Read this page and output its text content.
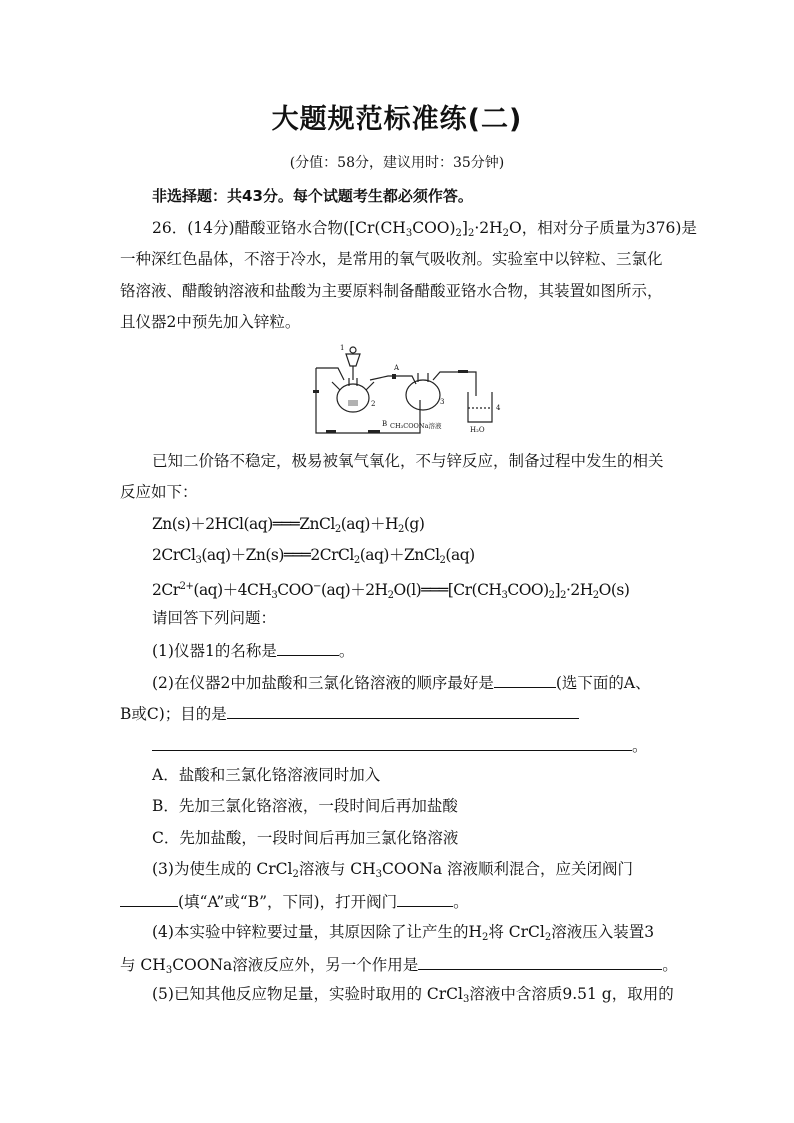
大题规范标准练(二)
(分值：58分，建议用时：35分钟)
非选择题：共43分。每个试题考生都必须作答。
26．(14分)醋酸亚铬水合物($[Cr(CH_3COO)_2]_2\cdot 2H_2O$，相对分子质量为376)是
一种深红色晶体，不溶于冷水，是常用的氧气吸收剂。实验室中以锌粒、三氯化
铬溶液、醋酸钠溶液和盐酸为主要原料制备醋酸亚铬水合物，其装置如图所示，
且仪器2中预先加入锌粒。
1
2
A
3
4
B CH₃COONa溶液	H₂O
已知二价铬不稳定，极易被氧气氧化，不与锌反应，制备过程中发生的相关
反应如下：
$Zn(s)+2HCl(aq)═══ZnCl_2(aq)+H_2(g)$
2CrCl$_3$(aq)＋Zn(s)═══2CrCl$_2$(aq)＋ZnCl$_2$(aq)
$2Cr^{2+}(aq)+4CH_3COO^-(aq)+2H_2O(l)═══[Cr(CH_3COO)_2]_2\cdot 2H_2O(s)$
请回答下列问题：
(1)仪器1的名称是	。
(2)在仪器2中加盐酸和三氯化铬溶液的顺序最好是	(选下面的A、
B或C)；目的是
。
A．盐酸和三氯化铬溶液同时加入
B．先加三氯化铬溶液，一段时间后再加盐酸
C．先加盐酸，一段时间后再加三氯化铬溶液
(3)为使生成的 CrCl$_2$溶液与 $CH_3COONa$ 溶液顺利混合，应关闭阀门
(填“A”或“B”，下同)，打开阀门	。
(4)本实验中锌粒要过量，其原因除了让产生的$H_2$将 CrCl$_2$溶液压入装置3
与 $CH_3COONa$溶液反应外，另一个作用是	。
(5)已知其他反应物足量，实验时取用的 CrCl$_3$溶液中含溶质9.51 g，取用的
